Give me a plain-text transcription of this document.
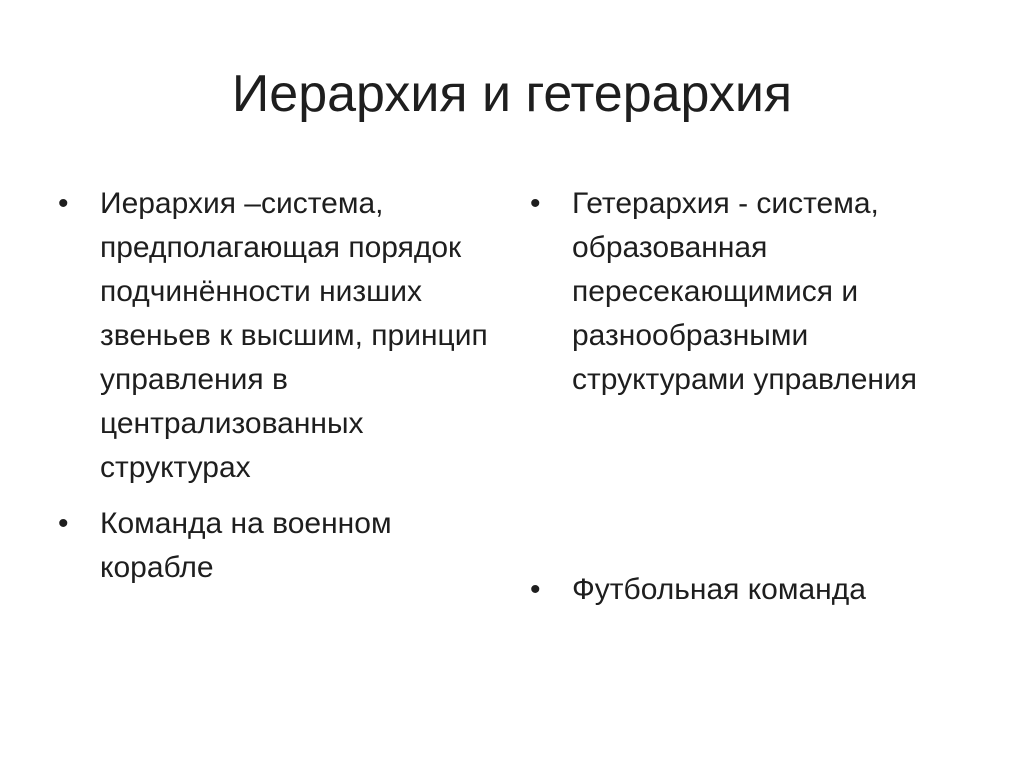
Иерархия и гетерархия
• Иерархия –система, предполагающая порядок подчинённости низших звеньев к высшим, принцип управления в централизованных структурах
• Команда на военном корабле
• Гетерархия - система, образованная пересекающимися и разнообразными структурами управления
• Футбольная команда
